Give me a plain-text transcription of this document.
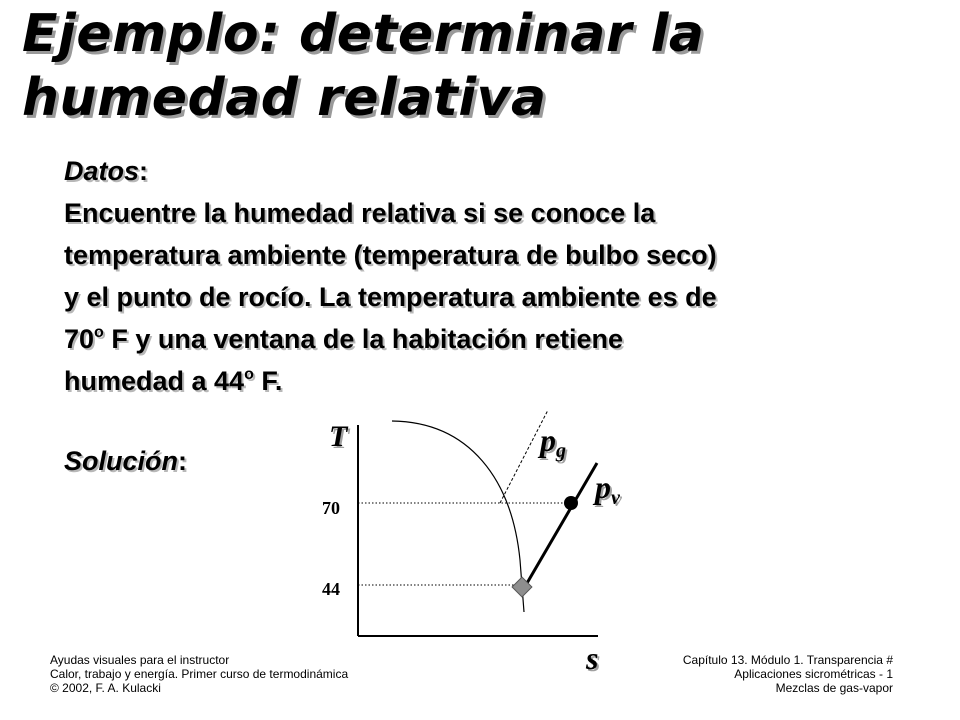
Ejemplo: determinar la
humedad relativa
Datos:
Encuentre la humedad relativa si se conoce la
temperatura ambiente (temperatura de bulbo seco)
y el punto de rocío. La temperatura ambiente es de
70$^o$ F y una ventana de la habitación retiene
humedad a 44$^o$ F.
Solución:
T
s
70
44
pg
pv
Ayudas visuales para el instructor
Calor, trabajo y energía. Primer curso de termodinámica
© 2002, F. A. Kulacki
Capítulo 13. Módulo 1. Transparencia #
Aplicaciones sicrométricas - 1
Mezclas de gas-vapor
